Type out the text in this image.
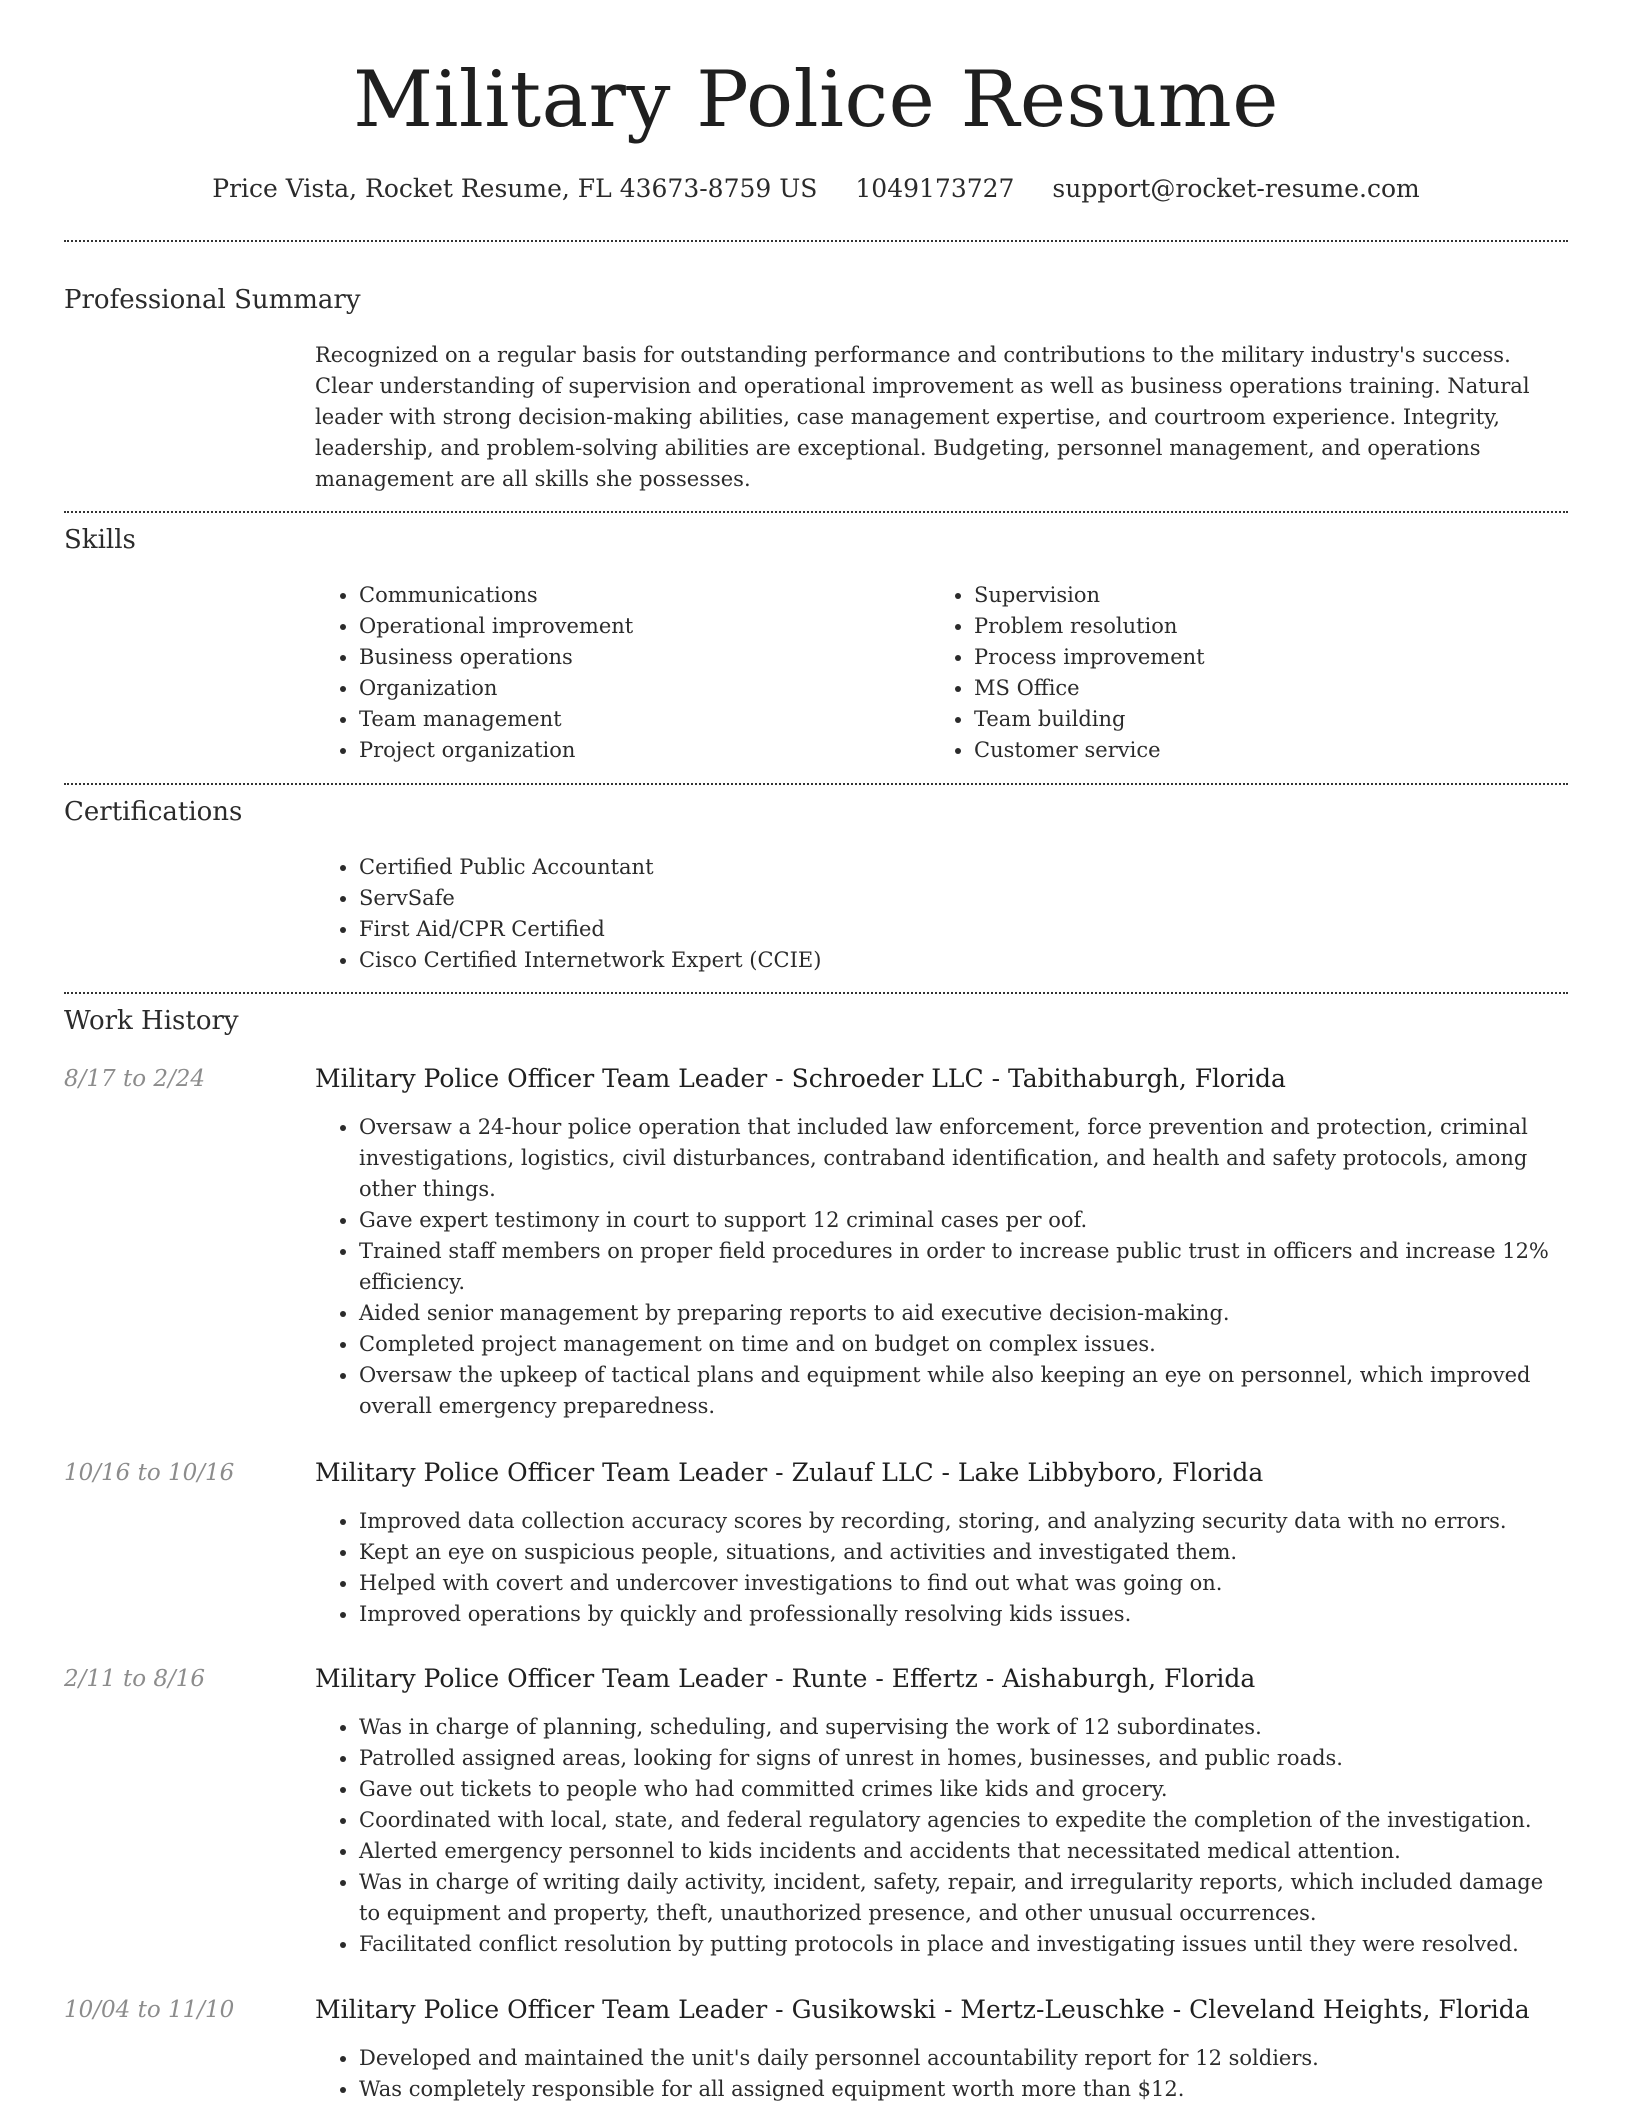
Military Police Resume
Price Vista, Rocket Resume, FL 43673-8759 US 1049173727 support@rocket-resume.com
Professional Summary

Recognized on a regular basis for outstanding performance and contributions to the military industry's success. Clear understanding of supervision and operational improvement as well as business operations training. Natural leader with strong decision-making abilities, case management expertise, and courtroom experience. Integrity, leadership, and problem-solving abilities are exceptional. Budgeting, personnel management, and operations management are all skills she possesses.

Skills
• Communications
• Operational improvement
• Business operations
• Organization
• Team management
• Project organization
• Supervision
• Problem resolution
• Process improvement
• MS Office
• Team building
• Customer service
Certifications
• Certified Public Accountant
• ServSafe
• First Aid/CPR Certified
• Cisco Certified Internetwork Expert (CCIE)
Work History
8/17 to 2/24	Military Police Officer Team Leader - Schroeder LLC - Tabithaburgh, Florida
• Oversaw a 24-hour police operation that included law enforcement, force prevention and protection, criminal investigations, logistics, civil disturbances, contraband identification, and health and safety protocols, among other things.
• Gave expert testimony in court to support 12 criminal cases per oof.
• Trained staff members on proper field procedures in order to increase public trust in officers and increase 12% efficiency.
• Aided senior management by preparing reports to aid executive decision-making.
• Completed project management on time and on budget on complex issues.
• Oversaw the upkeep of tactical plans and equipment while also keeping an eye on personnel, which improved overall emergency preparedness.
10/16 to 10/16	Military Police Officer Team Leader - Zulauf LLC - Lake Libbyboro, Florida
• Improved data collection accuracy scores by recording, storing, and analyzing security data with no errors.
• Kept an eye on suspicious people, situations, and activities and investigated them.
• Helped with covert and undercover investigations to find out what was going on.
• Improved operations by quickly and professionally resolving kids issues.
2/11 to 8/16	Military Police Officer Team Leader - Runte - Effertz - Aishaburgh, Florida
• Was in charge of planning, scheduling, and supervising the work of 12 subordinates.
• Patrolled assigned areas, looking for signs of unrest in homes, businesses, and public roads.
• Gave out tickets to people who had committed crimes like kids and grocery.
• Coordinated with local, state, and federal regulatory agencies to expedite the completion of the investigation.
• Alerted emergency personnel to kids incidents and accidents that necessitated medical attention.
• Was in charge of writing daily activity, incident, safety, repair, and irregularity reports, which included damage to equipment and property, theft, unauthorized presence, and other unusual occurrences.
• Facilitated conflict resolution by putting protocols in place and investigating issues until they were resolved.
10/04 to 11/10	Military Police Officer Team Leader - Gusikowski - Mertz-Leuschke - Cleveland Heights, Florida
• Developed and maintained the unit's daily personnel accountability report for 12 soldiers.
• Was completely responsible for all assigned equipment worth more than $12.
